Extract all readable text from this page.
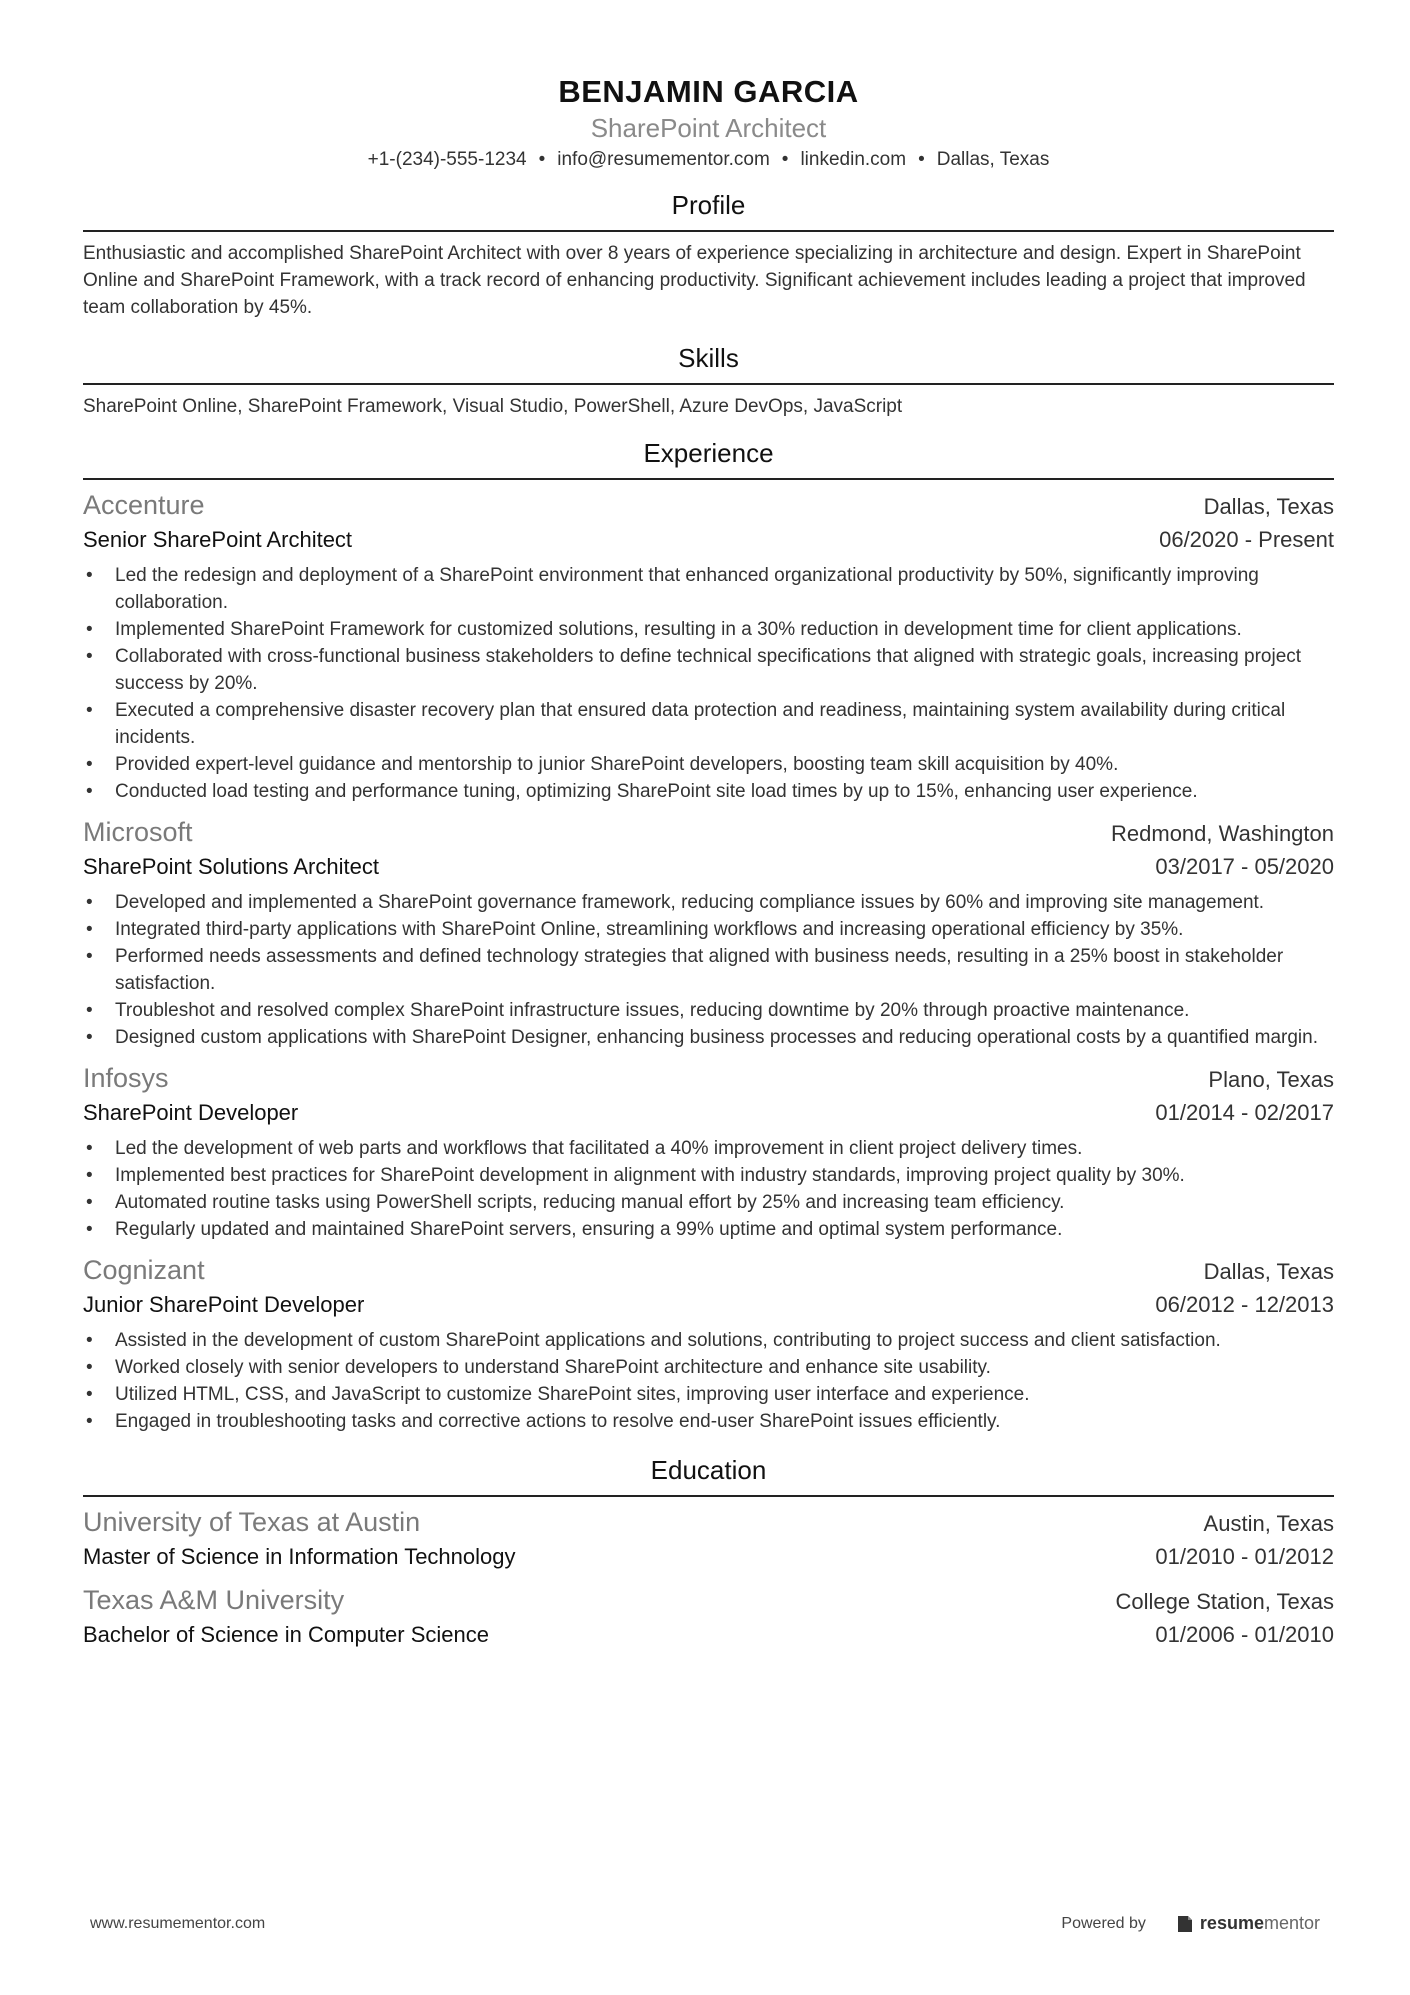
BENJAMIN GARCIA
SharePoint Architect
+1-(234)-555-1234 • info@resumementor.com • linkedin.com • Dallas, Texas
Profile
Enthusiastic and accomplished SharePoint Architect with over 8 years of experience specializing in architecture and design. Expert in SharePoint Online and SharePoint Framework, with a track record of enhancing productivity. Significant achievement includes leading a project that improved team collaboration by 45%.
Skills
SharePoint Online, SharePoint Framework, Visual Studio, PowerShell, Azure DevOps, JavaScript
Experience
Accenture	Dallas, Texas
Senior SharePoint Architect	06/2020 - Present
• Led the redesign and deployment of a SharePoint environment that enhanced organizational productivity by 50%, significantly improving collaboration.
• Implemented SharePoint Framework for customized solutions, resulting in a 30% reduction in development time for client applications.
• Collaborated with cross-functional business stakeholders to define technical specifications that aligned with strategic goals, increasing project success by 20%.
• Executed a comprehensive disaster recovery plan that ensured data protection and readiness, maintaining system availability during critical incidents.
• Provided expert-level guidance and mentorship to junior SharePoint developers, boosting team skill acquisition by 40%.
• Conducted load testing and performance tuning, optimizing SharePoint site load times by up to 15%, enhancing user experience.
Microsoft	Redmond, Washington
SharePoint Solutions Architect	03/2017 - 05/2020
• Developed and implemented a SharePoint governance framework, reducing compliance issues by 60% and improving site management.
• Integrated third-party applications with SharePoint Online, streamlining workflows and increasing operational efficiency by 35%.
• Performed needs assessments and defined technology strategies that aligned with business needs, resulting in a 25% boost in stakeholder satisfaction.
• Troubleshot and resolved complex SharePoint infrastructure issues, reducing downtime by 20% through proactive maintenance.
• Designed custom applications with SharePoint Designer, enhancing business processes and reducing operational costs by a quantified margin.
Infosys	Plano, Texas
SharePoint Developer	01/2014 - 02/2017
• Led the development of web parts and workflows that facilitated a 40% improvement in client project delivery times.
• Implemented best practices for SharePoint development in alignment with industry standards, improving project quality by 30%.
• Automated routine tasks using PowerShell scripts, reducing manual effort by 25% and increasing team efficiency.
• Regularly updated and maintained SharePoint servers, ensuring a 99% uptime and optimal system performance.
Cognizant	Dallas, Texas
Junior SharePoint Developer	06/2012 - 12/2013
• Assisted in the development of custom SharePoint applications and solutions, contributing to project success and client satisfaction.
• Worked closely with senior developers to understand SharePoint architecture and enhance site usability.
• Utilized HTML, CSS, and JavaScript to customize SharePoint sites, improving user interface and experience.
• Engaged in troubleshooting tasks and corrective actions to resolve end-user SharePoint issues efficiently.
Education
University of Texas at Austin	Austin, Texas
Master of Science in Information Technology	01/2010 - 01/2012
Texas A&M University	College Station, Texas
Bachelor of Science in Computer Science	01/2006 - 01/2010
www.resumementor.com	Powered by	resumementor
